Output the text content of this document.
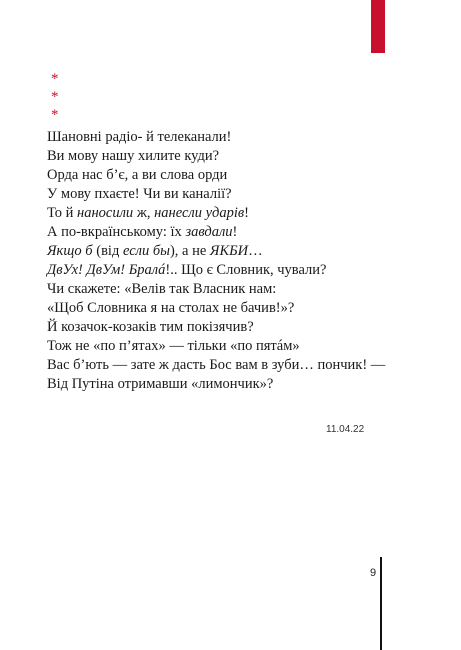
*
*
*
Шановні радіо- й телеканали!
Ви мову нашу хилите куди?
Орда нас б’є, а ви слова орди
У мову пхаєте! Чи ви каналії?
То й наносили ж, нанесли ударів!
А по-вкраїнському: їх завдали!
Якщо б (від если бы), а не ЯКБИ…
ДвУх! ДвУм! Бралá!.. Що є Словник, чували?
Чи скажете: «Велів так Власник нам:
«Щоб Словника я на столах не бачив!»?
Й козачок-козаків тим покізячив?
Тож не «по п’ятах» — тільки «по пятáм»
Вас б’ють — зате ж дасть Бос вам в зуби… пончик! —
Від Путіна отримавши «лимончик»?
11.04.22
9
